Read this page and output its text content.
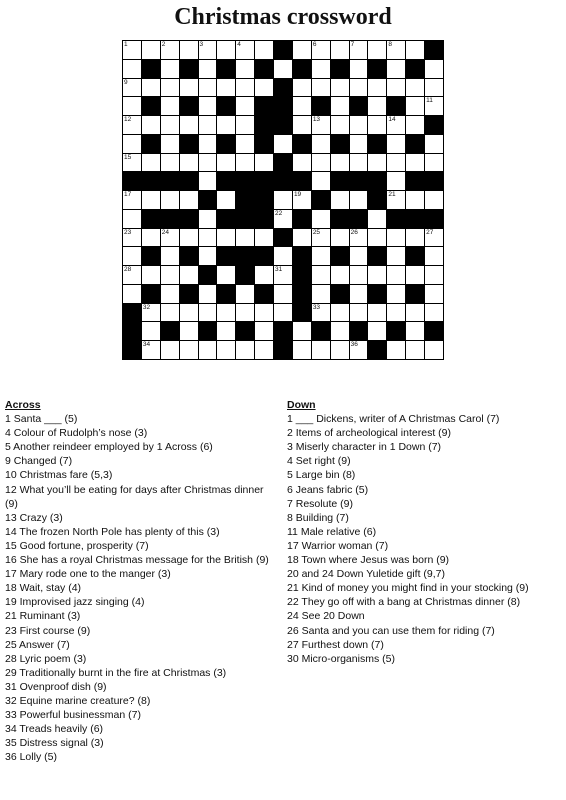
Christmas crossword
1	2	3	4	6	7	8
9
11
12	13	14
15
17	19	21
22
23	24	25	26	27
28	31
32	33
34	36
Across
1 Santa ___ (5)
4 Colour of Rudolph’s nose (3)
5 Another reindeer employed by 1 Across (6)
9 Changed (7)
10 Christmas fare (5,3)
12 What you’ll be eating for days after Christmas dinner (9)
13 Crazy (3)
14 The frozen North Pole has plenty of this (3)
15 Good fortune, prosperity (7)
16 She has a royal Christmas message for the British (9)
17 Mary rode one to the manger (3)
18 Wait, stay (4)
19 Improvised jazz singing (4)
21 Ruminant (3)
23 First course (9)
25 Answer (7)
28 Lyric poem (3)
29 Traditionally burnt in the fire at Christmas (3)
31 Ovenproof dish (9)
32 Equine marine creature? (8)
33 Powerful businessman (7)
34 Treads heavily (6)
35 Distress signal (3)
36 Lolly (5)
Down
1 ___ Dickens, writer of A Christmas Carol (7)
2 Items of archeological interest (9)
3 Miserly character in 1 Down (7)
4 Set right (9)
5 Large bin (8)
6 Jeans fabric (5)
7 Resolute (9)
8 Building (7)
11 Male relative (6)
17 Warrior woman (7)
18 Town where Jesus was born (9)
20 and 24 Down Yuletide gift (9,7)
21 Kind of money you might find in your stocking (9)
22 They go off with a bang at Christmas dinner (8)
24 See 20 Down
26 Santa and you can use them for riding (7)
27 Furthest down (7)
30 Micro-organisms (5)
